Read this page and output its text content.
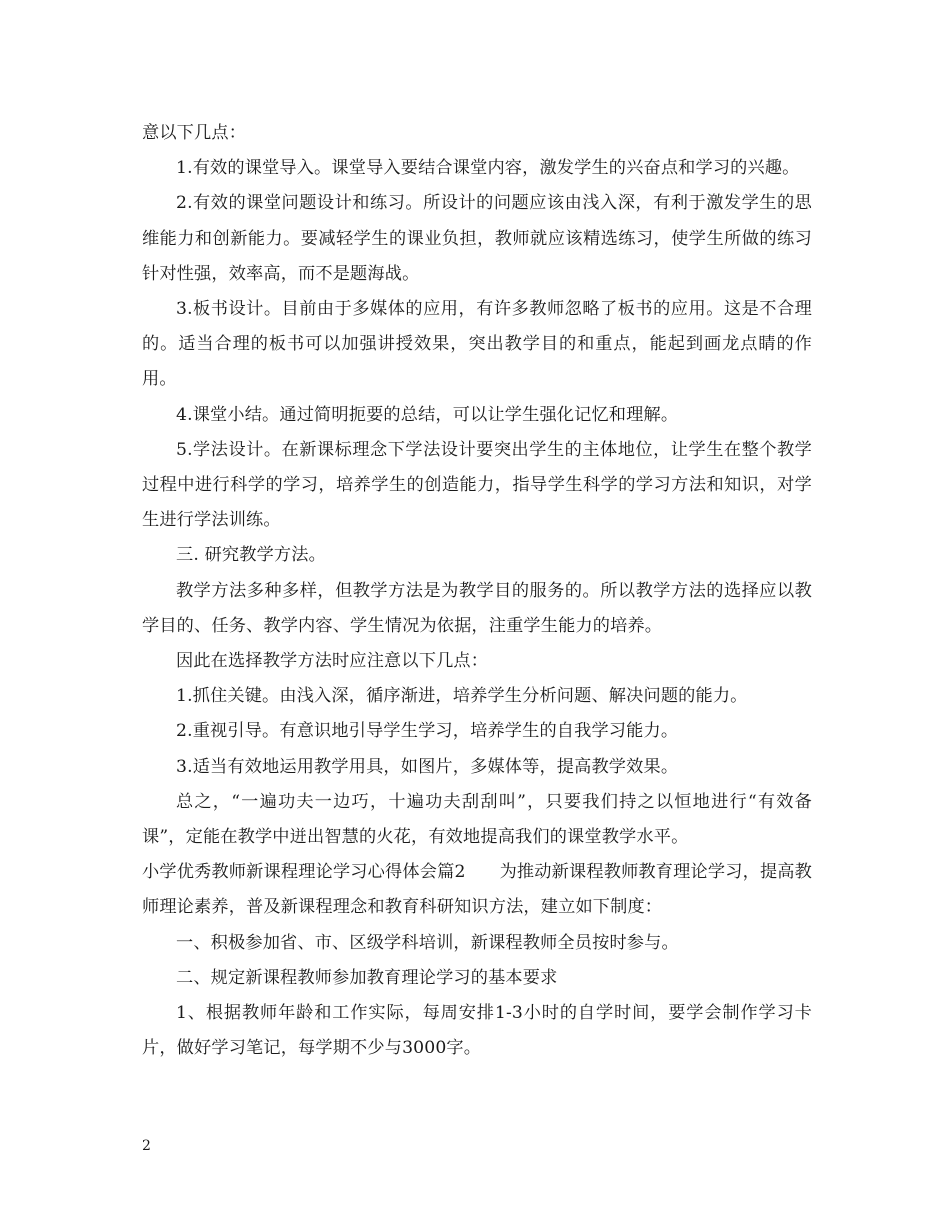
意以下几点：

1.有效的课堂导入。课堂导入要结合课堂内容，激发学生的兴奋点和学习的兴趣。

2.有效的课堂问题设计和练习。所设计的问题应该由浅入深，有利于激发学生的思维能力和创新能力。要减轻学生的课业负担，教师就应该精选练习，使学生所做的练习针对性强，效率高，而不是题海战。

3.板书设计。目前由于多媒体的应用，有许多教师忽略了板书的应用。这是不合理的。适当合理的板书可以加强讲授效果，突出教学目的和重点，能起到画龙点睛的作用。

4.课堂小结。通过简明扼要的总结，可以让学生强化记忆和理解。

5.学法设计。在新课标理念下学法设计要突出学生的主体地位，让学生在整个教学过程中进行科学的学习，培养学生的创造能力，指导学生科学的学习方法和知识，对学生进行学法训练。

三. 研究教学方法。

教学方法多种多样，但教学方法是为教学目的服务的。所以教学方法的选择应以教学目的、任务、教学内容、学生情况为依据，注重学生能力的培养。

因此在选择教学方法时应注意以下几点：

1.抓住关键。由浅入深，循序渐进，培养学生分析问题、解决问题的能力。

2.重视引导。有意识地引导学生学习，培养学生的自我学习能力。

3.适当有效地运用教学用具，如图片，多媒体等，提高教学效果。

总之，“一遍功夫一边巧，十遍功夫刮刮叫”，只要我们持之以恒地进行“有效备课”，定能在教学中迸出智慧的火花，有效地提高我们的课堂教学水平。

小学优秀教师新课程理论学习心得体会篇2 为推动新课程教师教育理论学习，提高教师理论素养，普及新课程理念和教育科研知识方法，建立如下制度：

一、积极参加省、市、区级学科培训，新课程教师全员按时参与。

二、规定新课程教师参加教育理论学习的基本要求

1、根据教师年龄和工作实际，每周安排1-3小时的自学时间，要学会制作学习卡片，做好学习笔记，每学期不少与3000字。

2
